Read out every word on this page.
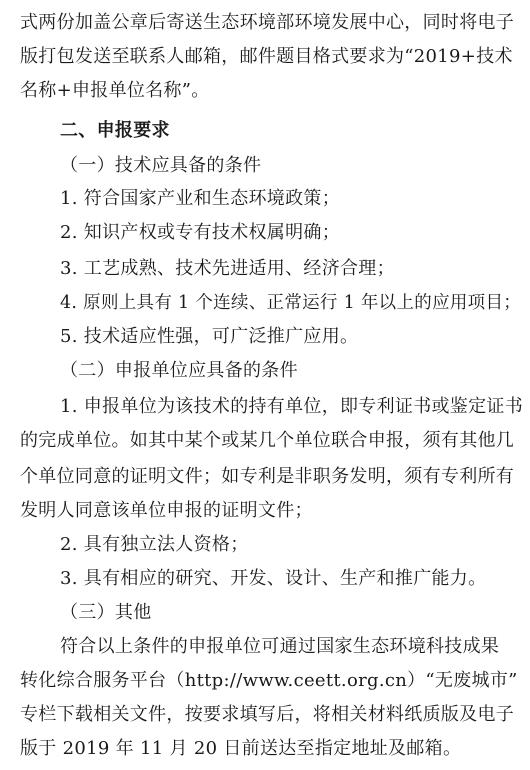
式两份加盖公章后寄送生态环境部环境发展中心，同时将电子
版打包发送至联系人邮箱，邮件题目格式要求为“2019+技术
名称+申报单位名称”。
二、申报要求
（一）技术应具备的条件
1. 符合国家产业和生态环境政策；
2. 知识产权或专有技术权属明确；
3. 工艺成熟、技术先进适用、经济合理；
4. 原则上具有 1 个连续、正常运行 1 年以上的应用项目；
5. 技术适应性强，可广泛推广应用。
（二）申报单位应具备的条件
1. 申报单位为该技术的持有单位，即专利证书或鉴定证书
的完成单位。如其中某个或某几个单位联合申报，须有其他几
个单位同意的证明文件；如专利是非职务发明，须有专利所有
发明人同意该单位申报的证明文件；
2. 具有独立法人资格；
3. 具有相应的研究、开发、设计、生产和推广能力。
（三）其他
符合以上条件的申报单位可通过国家生态环境科技成果
转化综合服务平台（http://www.ceett.org.cn）“无废城市”
专栏下载相关文件，按要求填写后，将相关材料纸质版及电子
版于 2019 年 11 月 20 日前送达至指定地址及邮箱。
